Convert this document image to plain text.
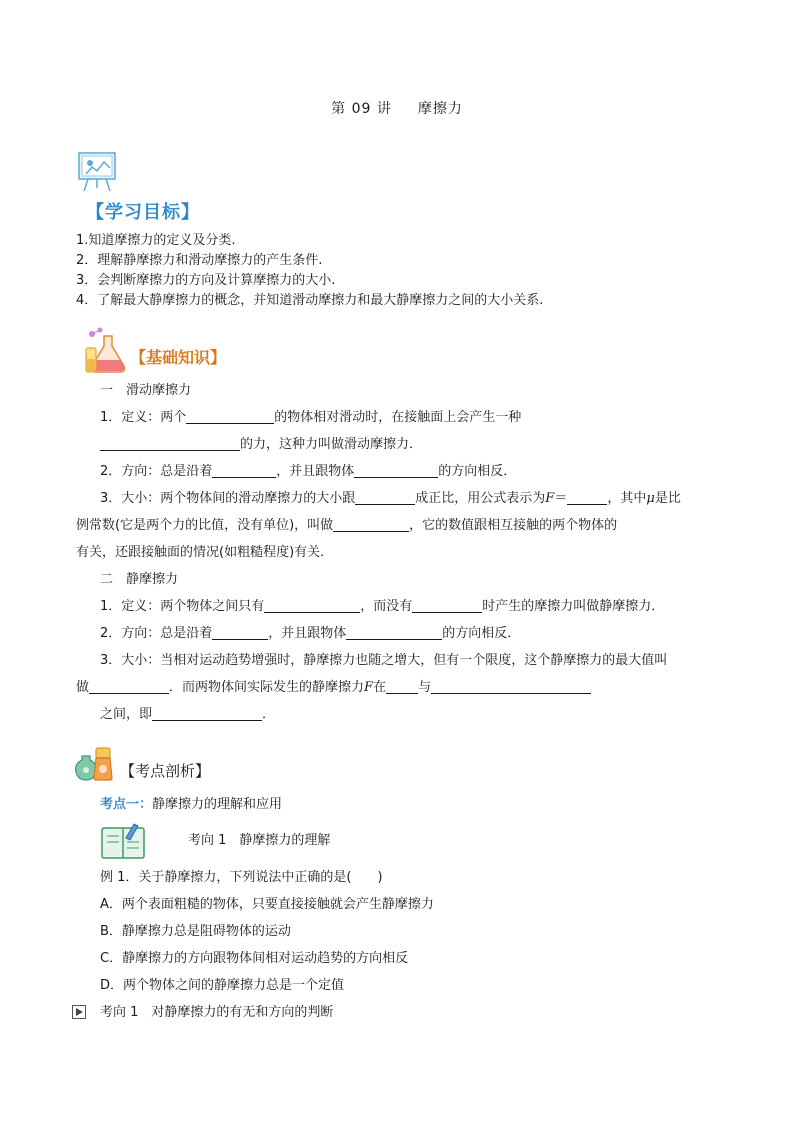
第 09 讲 摩擦力
【学习目标】
1.知道摩擦力的定义及分类.
2．理解静摩擦力和滑动摩擦力的产生条件.
3．会判断摩擦力的方向及计算摩擦力的大小.
4．了解最大静摩擦力的概念，并知道滑动摩擦力和最大静摩擦力之间的大小关系.
【基础知识】
一　滑动摩擦力
1．定义：两个	的物体相对滑动时，在接触面上会产生一种
的力，这种力叫做滑动摩擦力．
2．方向：总是沿着	，并且跟物体	的方向相反．
3．大小：两个物体间的滑动摩擦力的大小跟	成正比，用公式表示为F＝	，其中μ是比
例常数(它是两个力的比值，没有单位)，叫做	，它的数值跟相互接触的两个物体的
有关，还跟接触面的情况(如粗糙程度)有关．
二　静摩擦力
1．定义：两个物体之间只有	，而没有	时产生的摩擦力叫做静摩擦力．
2．方向：总是沿着	，并且跟物体	的方向相反．
3．大小：当相对运动趋势增强时，静摩擦力也随之增大，但有一个限度，这个静摩擦力的最大值叫
做	．而两物体间实际发生的静摩擦力F在 与
之间，即	．
【考点剖析】
考点一：静摩擦力的理解和应用
考向 1　静摩擦力的理解
例 1．关于静摩擦力，下列说法中正确的是(　　)
A．两个表面粗糙的物体，只要直接接触就会产生静摩擦力
B．静摩擦力总是阻碍物体的运动
C．静摩擦力的方向跟物体间相对运动趋势的方向相反
D．两个物体之间的静摩擦力总是一个定值
考向 1　对静摩擦力的有无和方向的判断
